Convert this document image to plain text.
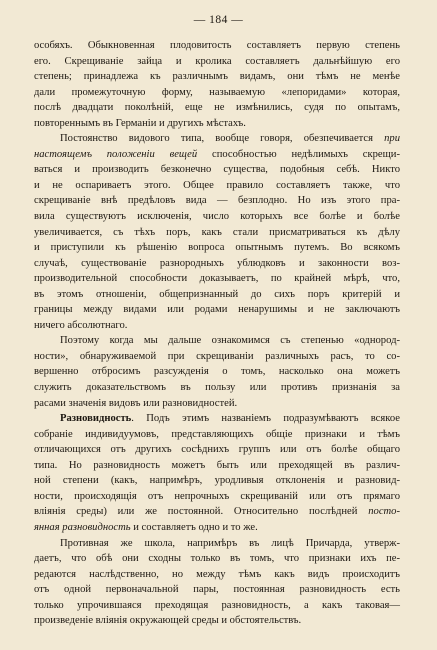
— 184 —
особяхъ. Обыкновенная плодовитость составляетъ первую степень
его. Скрещиванiе зайца и кролика составляетъ дальнѣйшую его
степень; принадлежа къ различнымъ видамъ, они тѣмъ не менѣе
дали промежуточную форму, называемую «лепоридами» которая,
послѣ двадцати поколѣнiй, еще не измѣнились, судя по опытамъ,
повтореннымъ въ Германiи и другихъ мѣстахъ.
Постоянство видового типа, вообще говоря, обезпечивается при
настоящемъ положенiи вещей способностью недѣлимыхъ скрещи-
ваться и производить безконечно существа, подобныя себѣ. Никто
и не оспариваетъ этого. Общее правило составляетъ также, что
скрещиванiе внѣ предѣловъ вида — безплодно. Но изъ этого пра-
вила существуютъ исключенiя, число которыхъ все болѣе и болѣе
увеличивается, съ тѣхъ поръ, какъ стали присматриваться къ дѣлу
и приступили къ рѣшенiю вопроса опытнымъ путемъ. Во всякомъ
случаѣ, существованiе разнородныхъ ублюдковъ и законности воз-
производительной способности доказываетъ, по крайней мѣрѣ, что,
въ этомъ отношенiи, общепризнанный до сихъ поръ критерiй и
границы между видами или родами ненарушимы и не заключаютъ
ничего абсолютнаго.
Поэтому когда мы дальше ознакомимся съ степенью «однород-
ности», обнаруживаемой при скрещиванiи различныхъ расъ, то со-
вершенно отбросимъ разсужденiя о томъ, насколько она можетъ
служить доказательствомъ въ пользу или противъ признанiя за
расами значенiя видовъ или разновидностей.
Разновидность. Подъ этимъ названiемъ подразумѣваютъ всякое
собранiе индивидуумовъ, представляющихъ общiе признаки и тѣмъ
отличающихся отъ другихъ сосѣднихъ группъ или отъ болѣе общаго
типа. Но разновидность можетъ быть или преходящей въ различ-
ной степени (какъ, напримѣръ, уродливыя отклоненiя и разновид-
ности, происходящiя отъ непрочныхъ скрещиванiй или отъ прямаго
влiянiя среды) или же постоянной. Относительно послѣдней посто-
янная разновидность и составляетъ одно и то же.
Противная же школа, напримѣръ въ лицѣ Причарда, утверж-
даетъ, что обѣ они сходны только въ томъ, что признаки ихъ пе-
редаются наслѣдственно, но между тѣмъ какъ видъ происходитъ
отъ одной первоначальной пары, постоянная разновидность есть
только упрочившаяся преходящая разновидность, а какъ таковая—
произведенiе влiянiя окружающей среды и обстоятельствъ.
